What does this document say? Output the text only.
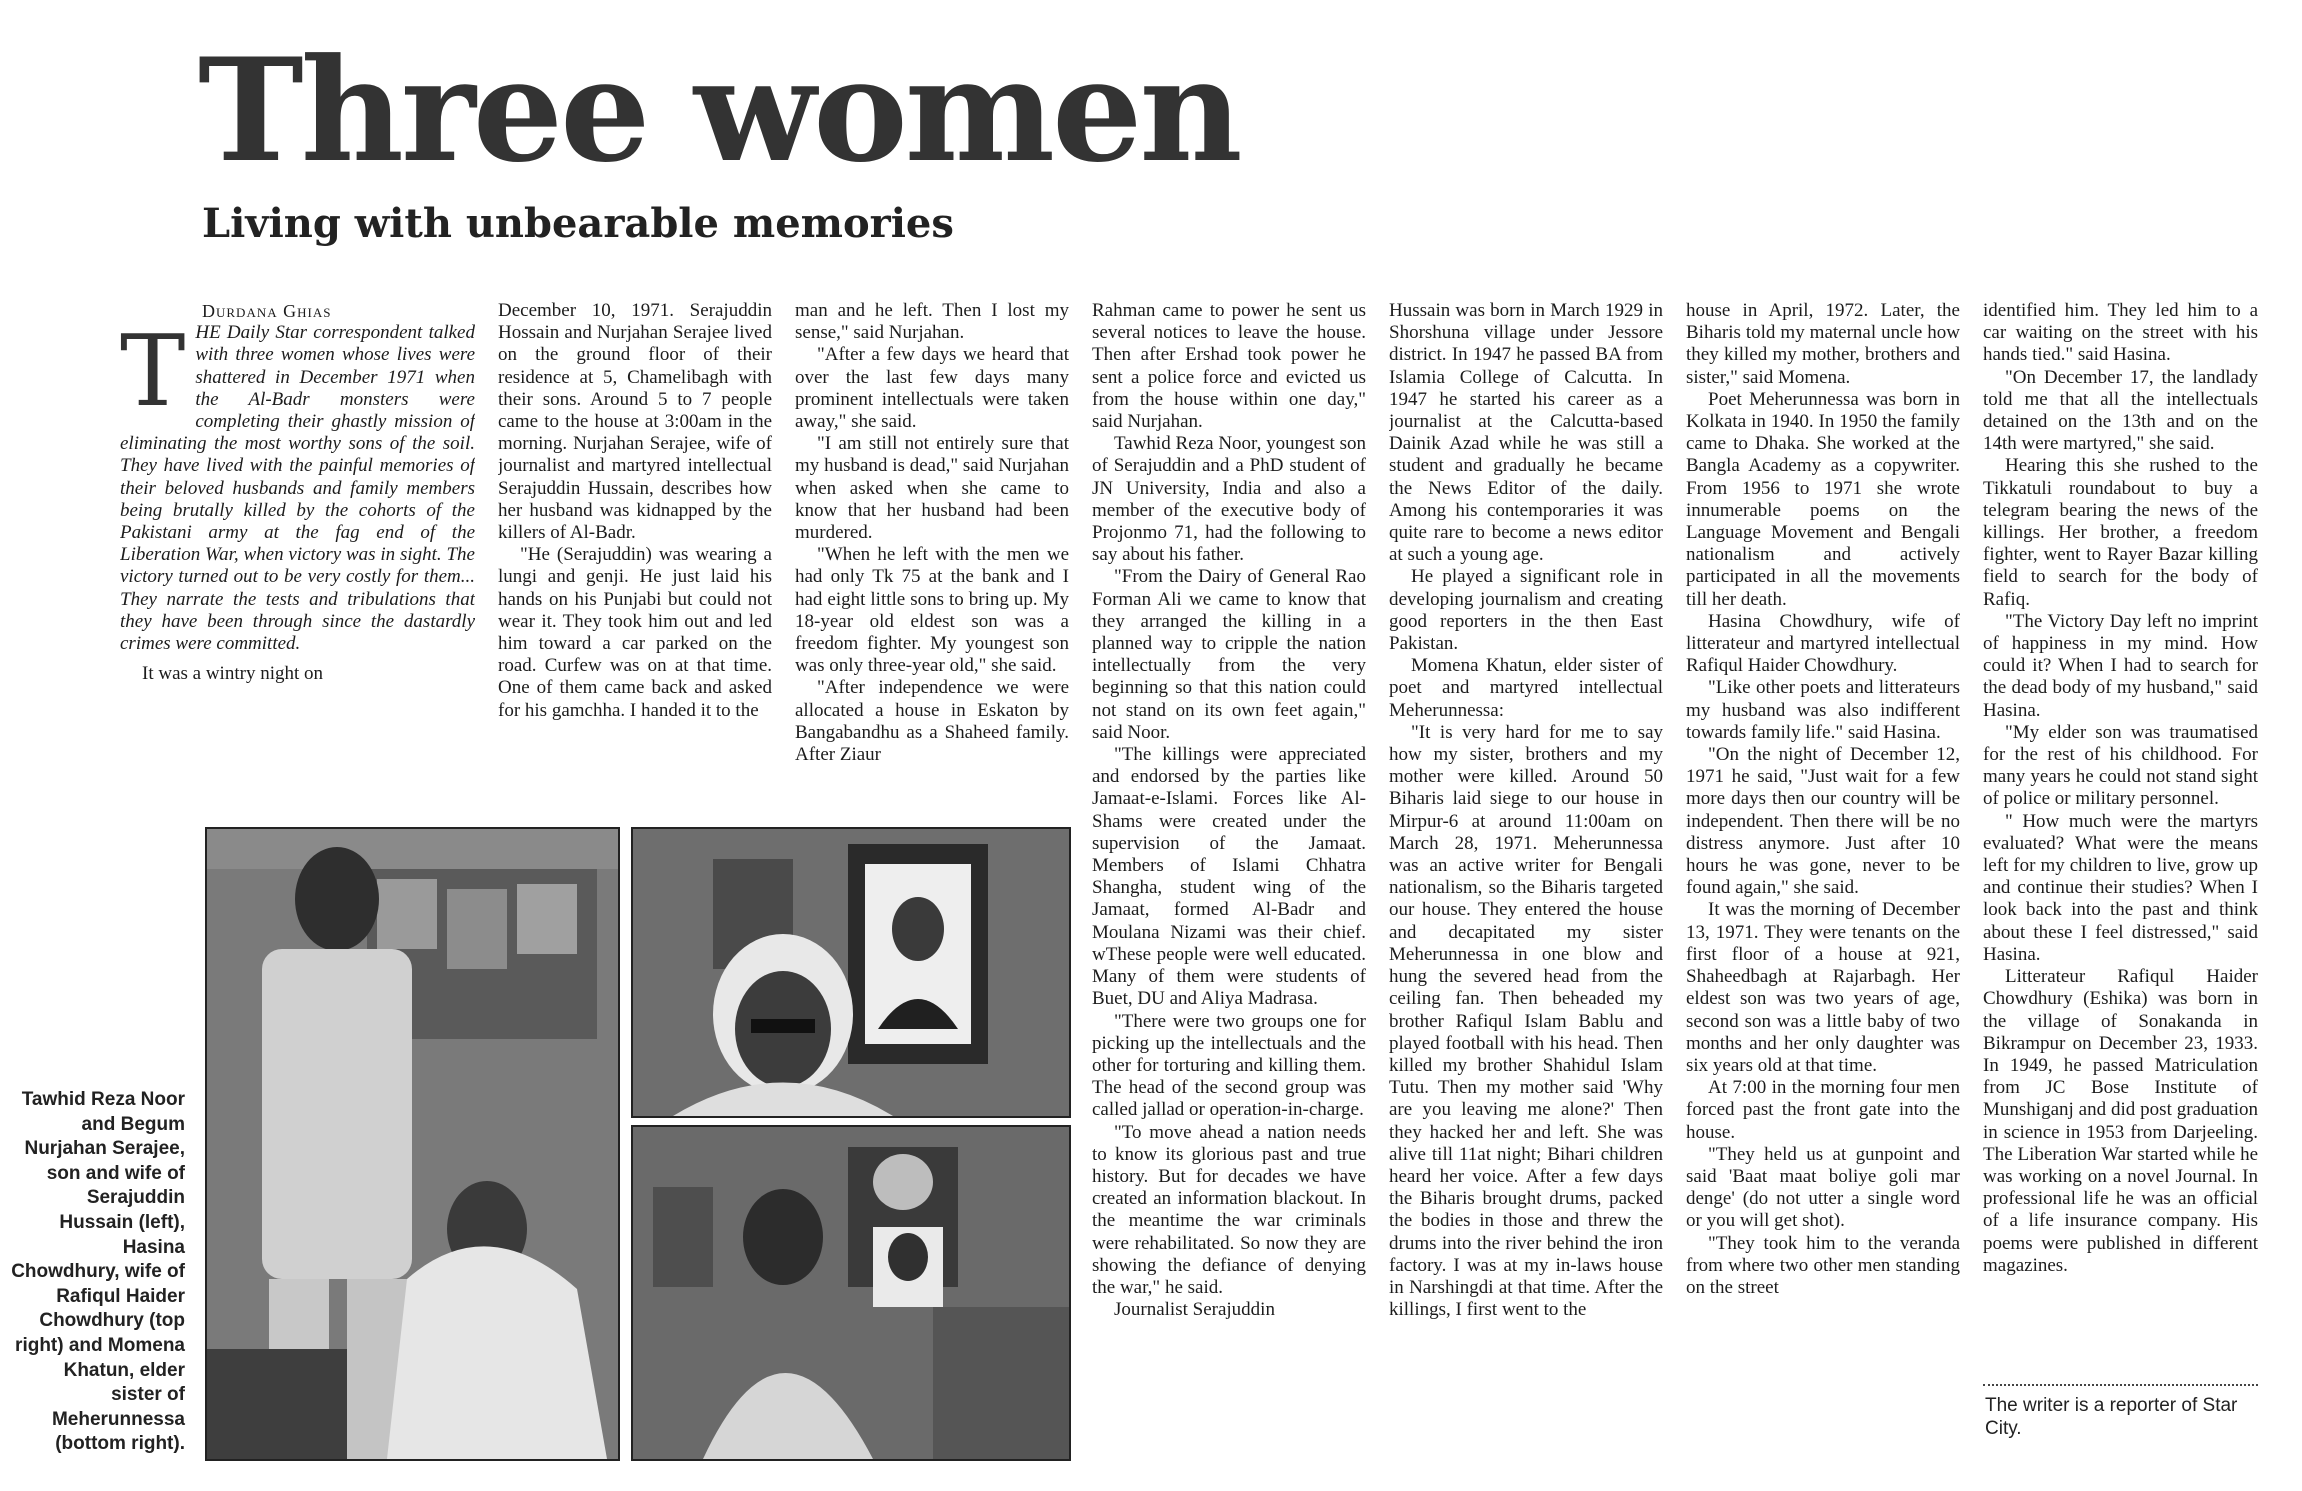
Three women
Living with unbearable memories

Durdana Ghias

T HE Daily Star correspondent talked with three women whose lives were shattered in December 1971 when the Al-Badr monsters were completing their ghastly mission of eliminating the most worthy sons of the soil. They have lived with the painful memories of their beloved husbands and family members being brutally killed by the cohorts of the Pakistani army at the fag end of the Liberation War, when victory was in sight. The victory turned out to be very costly for them... They narrate the tests and tribulations that they have been through since the dastardly crimes were committed.

It was a wintry night on

December 10, 1971. Serajuddin Hossain and Nurjahan Serajee lived on the ground floor of their residence at 5, Chamelibagh with their sons. Around 5 to 7 people came to the house at 3:00am in the morning. Nurjahan Serajee, wife of journalist and martyred intellectual Serajuddin Hussain, describes how her husband was kidnapped by the killers of Al-Badr.

"He (Serajuddin) was wearing a lungi and genji. He just laid his hands on his Punjabi but could not wear it. They took him out and led him toward a car parked on the road. Curfew was on at that time. One of them came back and asked for his gamchha. I handed it to the

man and he left. Then I lost my sense," said Nurjahan.

"After a few days we heard that over the last few days many prominent intellectuals were taken away," she said.

"I am still not entirely sure that my husband is dead," said Nurjahan when asked when she came to know that her husband had been murdered.

"When he left with the men we had only Tk 75 at the bank and I had eight little sons to bring up. My 18-year old eldest son was a freedom fighter. My youngest son was only three-year old," she said.

"After independence we were allocated a house in Eskaton by Bangabandhu as a Shaheed family. After Ziaur

Rahman came to power he sent us several notices to leave the house. Then after Ershad took power he sent a police force and evicted us from the house within one day," said Nurjahan.

Tawhid Reza Noor, youngest son of Serajuddin and a PhD student of JN University, India and also a member of the executive body of Projonmo 71, had the following to say about his father.

"From the Dairy of General Rao Forman Ali we came to know that they arranged the killing in a planned way to cripple the nation intellectually from the very beginning so that this nation could not stand on its own feet again," said Noor.

"The killings were appreciated and endorsed by the parties like Jamaat-e-Islami. Forces like Al-Shams were created under the supervision of the Jamaat. Members of Islami Chhatra Shangha, student wing of the Jamaat, formed Al-Badr and Moulana Nizami was their chief. wThese people were well educated. Many of them were students of Buet, DU and Aliya Madrasa.

"There were two groups one for picking up the intellectuals and the other for torturing and killing them. The head of the second group was called jallad or operation-in-charge.

"To move ahead a nation needs to know its glorious past and true history. But for decades we have created an information blackout. In the meantime the war criminals were rehabilitated. So now they are showing the defiance of denying the war," he said.

Journalist Serajuddin

Hussain was born in March 1929 in Shorshuna village under Jessore district. In 1947 he passed BA from Islamia College of Calcutta. In 1947 he started his career as a journalist at the Calcutta-based Dainik Azad while he was still a student and gradually he became the News Editor of the daily. Among his contemporaries it was quite rare to become a news editor at such a young age.

He played a significant role in developing journalism and creating good reporters in the then East Pakistan.

Momena Khatun, elder sister of poet and martyred intellectual Meherunnessa:

"It is very hard for me to say how my sister, brothers and my mother were killed. Around 50 Biharis laid siege to our house in Mirpur-6 at around 11:00am on March 28, 1971. Meherunnessa was an active writer for Bengali nationalism, so the Biharis targeted our house. They entered the house and decapitated my sister Meherunnessa in one blow and hung the severed head from the ceiling fan. Then beheaded my brother Rafiqul Islam Bablu and played football with his head. Then killed my brother Shahidul Islam Tutu. Then my mother said 'Why are you leaving me alone?' Then they hacked her and left. She was alive till 11at night; Bihari children heard her voice. After a few days the Biharis brought drums, packed the bodies in those and threw the drums into the river behind the iron factory. I was at my in-laws house in Narshingdi at that time. After the killings, I first went to the

house in April, 1972. Later, the Biharis told my maternal uncle how they killed my mother, brothers and sister," said Momena.

Poet Meherunnessa was born in Kolkata in 1940. In 1950 the family came to Dhaka. She worked at the Bangla Academy as a copywriter. From 1956 to 1971 she wrote innumerable poems on the Language Movement and Bengali nationalism and actively participated in all the movements till her death.

Hasina Chowdhury, wife of litterateur and martyred intellectual Rafiqul Haider Chowdhury.

"Like other poets and litterateurs my husband was also indifferent towards family life." said Hasina.

"On the night of December 12, 1971 he said, "Just wait for a few more days then our country will be independent. Then there will be no distress anymore. Just after 10 hours he was gone, never to be found again," she said.

It was the morning of December 13, 1971. They were tenants on the first floor of a house at 921, Shaheedbagh at Rajarbagh. Her eldest son was two years of age, second son was a little baby of two months and her only daughter was six years old at that time.

At 7:00 in the morning four men forced past the front gate into the house.

"They held us at gunpoint and said 'Baat maat boliye goli mar denge' (do not utter a single word or you will get shot).

"They took him to the veranda from where two other men standing on the street

identified him. They led him to a car waiting on the street with his hands tied." said Hasina.

"On December 17, the landlady told me that all the intellectuals detained on the 13th and on the 14th were martyred," she said.

Hearing this she rushed to the Tikkatuli roundabout to buy a telegram bearing the news of the killings. Her brother, a freedom fighter, went to Rayer Bazar killing field to search for the body of Rafiq.

"The Victory Day left no imprint of happiness in my mind. How could it? When I had to search for the dead body of my husband," said Hasina.

"My elder son was traumatised for the rest of his childhood. For many years he could not stand sight of police or military personnel.

" How much were the martyrs evaluated? What were the means left for my children to live, grow up and continue their studies? When I look back into the past and think about these I feel distressed," said Hasina.

Litterateur Rafiqul Haider Chowdhury (Eshika) was born in the village of Sonakanda in Bikrampur on December 23, 1933. In 1949, he passed Matriculation from JC Bose Institute of Munshiganj and did post graduation in science in 1953 from Darjeeling. The Liberation War started while he was working on a novel Journal. In professional life he was an official of a life insurance company. His poems were published in different magazines.

The writer is a reporter of Star City.
Tawhid Reza Noor and Begum Nurjahan Serajee, son and wife of Serajuddin Hussain (left), Hasina Chowdhury, wife of Rafiqul Haider Chowdhury (top right) and Momena Khatun, elder sister of Meherunnessa (bottom right).
